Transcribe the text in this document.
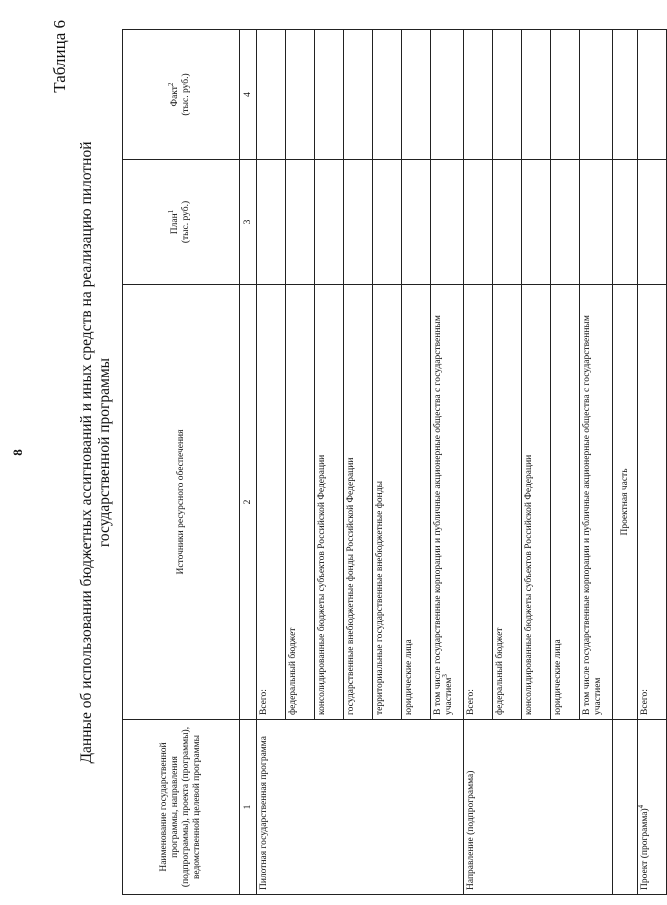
8
Таблица 6
Данные об использовании бюджетных ассигнований и иных средств на реализацию пилотной государственной программы
Наименование государственной программы, направления (подпрограммы), проекта (программы), ведомственной целевой программы	Источники ресурсного обеспечения	План$^1$ (тыс. руб.)	Факт$^2$ (тыс. руб.)
1	2	3	4
Пилотная государственная программа	Всего:		
	федеральный бюджет		
	консолидированные бюджеты субъектов Российской Федерации		
	государственные внебюджетные фонды Российской Федерации		
	территориальные государственные внебюджетные фонды		
	юридические лица		
	В том числе государственные корпорации и публичные акционерные общества с государственным участием$^3$		
Направление (подпрограмма)	Всего:		
	федеральный бюджет		
	консолидированные бюджеты субъектов Российской Федерации		
	юридические лица		
	В том числе государственные корпорации и публичные акционерные общества с государственным участием		
	Проектная часть		
Проект (программа)$^4$	Всего:		
